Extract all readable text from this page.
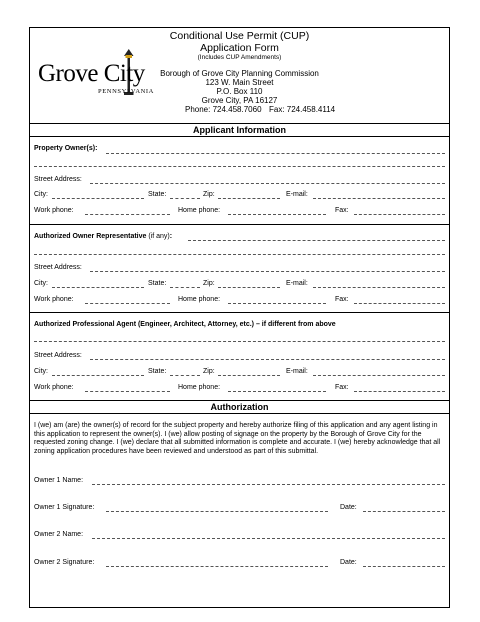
Conditional Use Permit (CUP)
Application Form
(Includes CUP Amendments)
Grove City
PENNSYLVANIA
Borough of Grove City Planning Commission
123 W. Main Street
P.O. Box 110
Grove City, PA 16127
Phone: 724.458.7060 Fax: 724.458.4114
Applicant Information
Property Owner(s):
Street Address:
City:	State:	Zip:	E-mail:
Work phone:	Home phone:	Fax:
Authorized Owner Representative (if any):
Street Address:
City:	State:	Zip:	E-mail:
Work phone:	Home phone:	Fax:
Authorized Professional Agent (Engineer, Architect, Attorney, etc.) – if different from above
Street Address:
City:	State:	Zip:	E-mail:
Work phone:	Home phone:	Fax:
Authorization
I (we) am (are) the owner(s) of record for the subject property and hereby authorize filing of this application and any agent listing in this application to represent the owner(s). I (we) allow posting of signage on the property by the Borough of Grove City for the requested zoning change. I (we) declare that all submitted information is complete and accurate. I (we) hereby acknowledge that all zoning application procedures have been reviewed and understood as part of this submittal.
Owner 1 Name:
Owner 1 Signature:	Date:
Owner 2 Name:
Owner 2 Signature:	Date:
